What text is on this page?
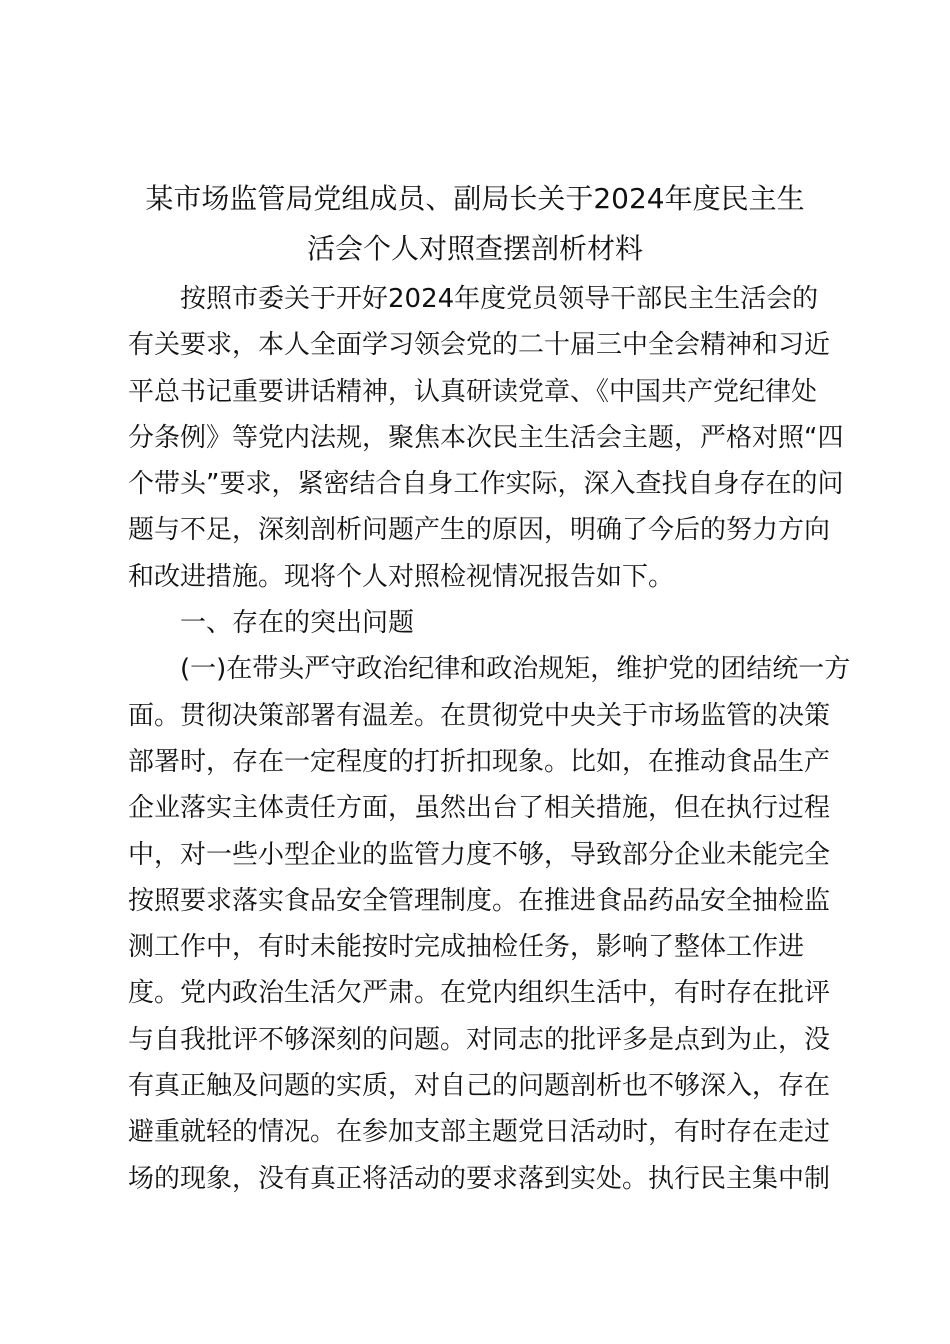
某市场监管局党组成员、副局长关于2024年度民主生
活会个人对照查摆剖析材料
　　按照市委关于开好2024年度党员领导干部民主生活会的
有关要求，本人全面学习领会党的二十届三中全会精神和习近
平总书记重要讲话精神，认真研读党章、《中国共产党纪律处
分条例》等党内法规，聚焦本次民主生活会主题，严格对照“四
个带头”要求，紧密结合自身工作实际，深入查找自身存在的问
题与不足，深刻剖析问题产生的原因，明确了今后的努力方向
和改进措施。现将个人对照检视情况报告如下。
　　一、存在的突出问题
　　(一)在带头严守政治纪律和政治规矩，维护党的团结统一方
面。贯彻决策部署有温差。在贯彻党中央关于市场监管的决策
部署时，存在一定程度的打折扣现象。比如，在推动食品生产
企业落实主体责任方面，虽然出台了相关措施，但在执行过程
中，对一些小型企业的监管力度不够，导致部分企业未能完全
按照要求落实食品安全管理制度。在推进食品药品安全抽检监
测工作中，有时未能按时完成抽检任务，影响了整体工作进
度。党内政治生活欠严肃。在党内组织生活中，有时存在批评
与自我批评不够深刻的问题。对同志的批评多是点到为止，没
有真正触及问题的实质，对自己的问题剖析也不够深入，存在
避重就轻的情况。在参加支部主题党日活动时，有时存在走过
场的现象，没有真正将活动的要求落到实处。执行民主集中制
